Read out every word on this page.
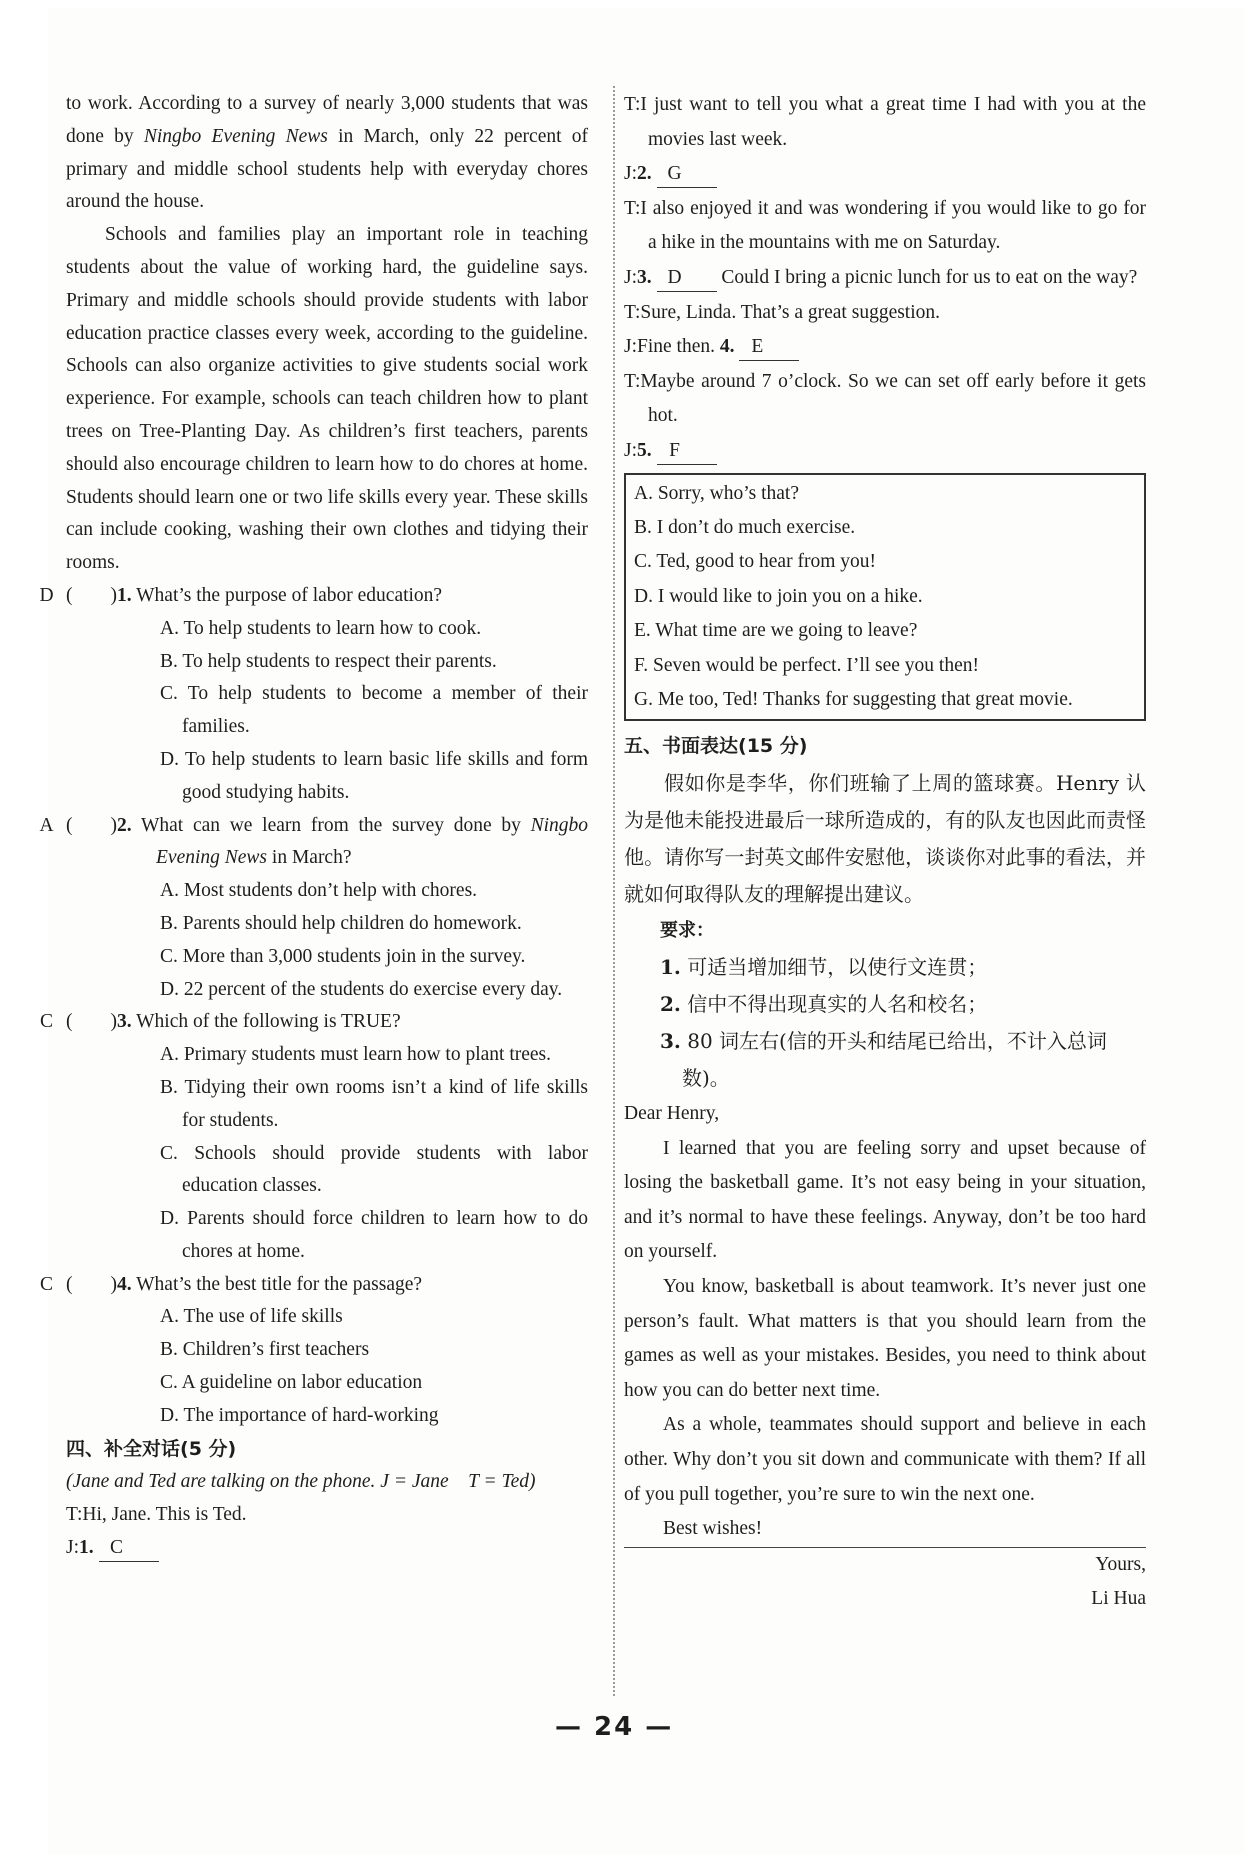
to work. According to a survey of nearly 3,000 students that was done by Ningbo Evening News in March, only 22 percent of primary and middle school students help with everyday chores around the house.

Schools and families play an important role in teaching students about the value of working hard, the guideline says. Primary and middle schools should provide students with labor education practice classes every week, according to the guideline. Schools can also organize activities to give students social work experience. For example, schools can teach children how to plant trees on Tree-Planting Day. As children’s first teachers, parents should also encourage children to learn how to do chores at home. Students should learn one or two life skills every year. These skills can include cooking, washing their own clothes and tidying their rooms.

(D	)1. What’s the purpose of labor education?

A. To help students to learn how to cook.

B. To help students to respect their parents.

C. To help students to become a member of their families.

D. To help students to learn basic life skills and form good studying habits.

(A	)2. What can we learn from the survey done by Ningbo Evening News in March?

A. Most students don’t help with chores.

B. Parents should help children do homework.

C. More than 3,000 students join in the survey.

D. 22 percent of the students do exercise every day.

(C	)3. Which of the following is TRUE?

A. Primary students must learn how to plant trees.

B. Tidying their own rooms isn’t a kind of life skills for students.

C. Schools should provide students with labor education classes.

D. Parents should force children to learn how to do chores at home.

(C	)4. What’s the best title for the passage?

A. The use of life skills

B. Children’s first teachers

C. A guideline on labor education

D. The importance of hard-working

四、补全对话(5 分)

(Jane and Ted are talking on the phone. J = Jane T = Ted)

T:Hi, Jane. This is Ted.

J:1. C

T:I just want to tell you what a great time I had with you at the movies last week.

J:2. G

T:I also enjoyed it and was wondering if you would like to go for a hike in the mountains with me on Saturday.

J:3. D Could I bring a picnic lunch for us to eat on the way?

T:Sure, Linda. That’s a great suggestion.

J:Fine then. 4. E

T:Maybe around 7 o’clock. So we can set off early before it gets hot.

J:5. F

A. Sorry, who’s that?

B. I don’t do much exercise.

C. Ted, good to hear from you!

D. I would like to join you on a hike.

E. What time are we going to leave?

F. Seven would be perfect. I’ll see you then!

G. Me too, Ted! Thanks for suggesting that great movie.

五、书面表达(15 分)

假如你是李华，你们班输了上周的篮球赛。Henry 认为是他未能投进最后一球所造成的，有的队友也因此而责怪他。请你写一封英文邮件安慰他，谈谈你对此事的看法，并就如何取得队友的理解提出建议。

要求：

1. 可适当增加细节，以使行文连贯；

2. 信中不得出现真实的人名和校名；

3. 80 词左右(信的开头和结尾已给出，不计入总词数)。

Dear Henry,

I learned that you are feeling sorry and upset because of losing the basketball game. It’s not easy being in your situation, and it’s normal to have these feelings. Anyway, don’t be too hard on yourself.

You know, basketball is about teamwork. It’s never just one person’s fault. What matters is that you should learn from the games as well as your mistakes. Besides, you need to think about how you can do better next time.

As a whole, teammates should support and believe in each other. Why don’t you sit down and communicate with them? If all of you pull together, you’re sure to win the next one.

Best wishes!

Yours,

Li Hua

— 24 —
